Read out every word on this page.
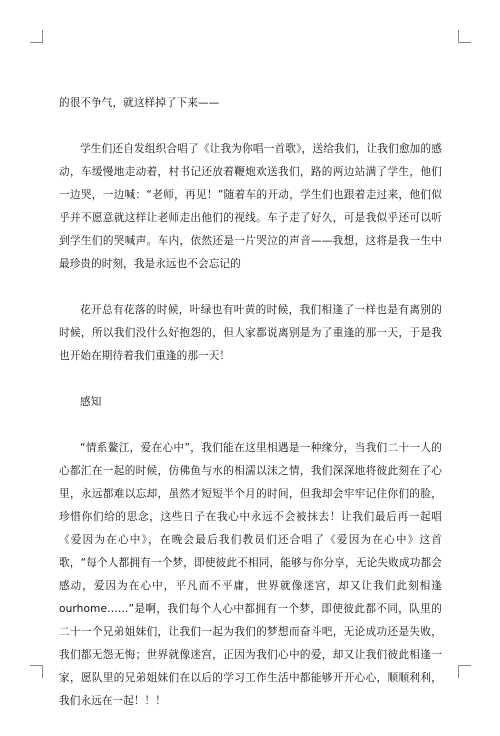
的很不争气，就这样掉了下来——

学生们还自发组织合唱了《让我为你唱一首歌》，送给我们，让我们愈加的感动，车缓慢地走动着，村书记还放着鞭炮欢送我们，路的两边站满了学生，他们一边哭，一边喊：“老师，再见！”随着车的开动，学生们也跟着走过来，他们似乎并不愿意就这样让老师走出他们的视线。车子走了好久，可是我似乎还可以听到学生们的哭喊声。车内，依然还是一片哭泣的声音——我想，这将是我一生中最珍贵的时刻，我是永远也不会忘记的

花开总有花落的时候，叶绿也有叶黄的时候，我们相逢了一样也是有离别的时候，所以我们没什么好抱怨的，但人家都说离别是为了重逢的那一天，于是我也开始在期待着我们重逢的那一天！

感知

“情系鳌江，爱在心中”，我们能在这里相遇是一种缘分，当我们二十一人的心都汇在一起的时候，仿佛鱼与水的相濡以沫之情，我们深深地将彼此刻在了心里，永远都难以忘却，虽然才短短半个月的时间，但我却会牢牢记住你们的脸，珍惜你们给的思念，这些日子在我心中永远不会被抹去！让我们最后再一起唱《爱因为在心中》，在晚会最后我们教员们还合唱了《爱因为在心中》这首歌，“每个人都拥有一个梦，即使彼此不相同，能够与你分享，无论失败成功都会感动，爱因为在心中，平凡而不平庸，世界就像迷宫，却又让我们此刻相逢 ourhome……”是啊，我们每个人心中都拥有一个梦，即使彼此都不同，队里的二十一个兄弟姐妹们，让我们一起为我们的梦想而奋斗吧，无论成功还是失败，我们都无怨无悔；世界就像迷宫，正因为我们心中的爱，却又让我们彼此相逢一家，愿队里的兄弟姐妹们在以后的学习工作生活中都能够开开心心，顺顺利利，我们永远在一起！！！
